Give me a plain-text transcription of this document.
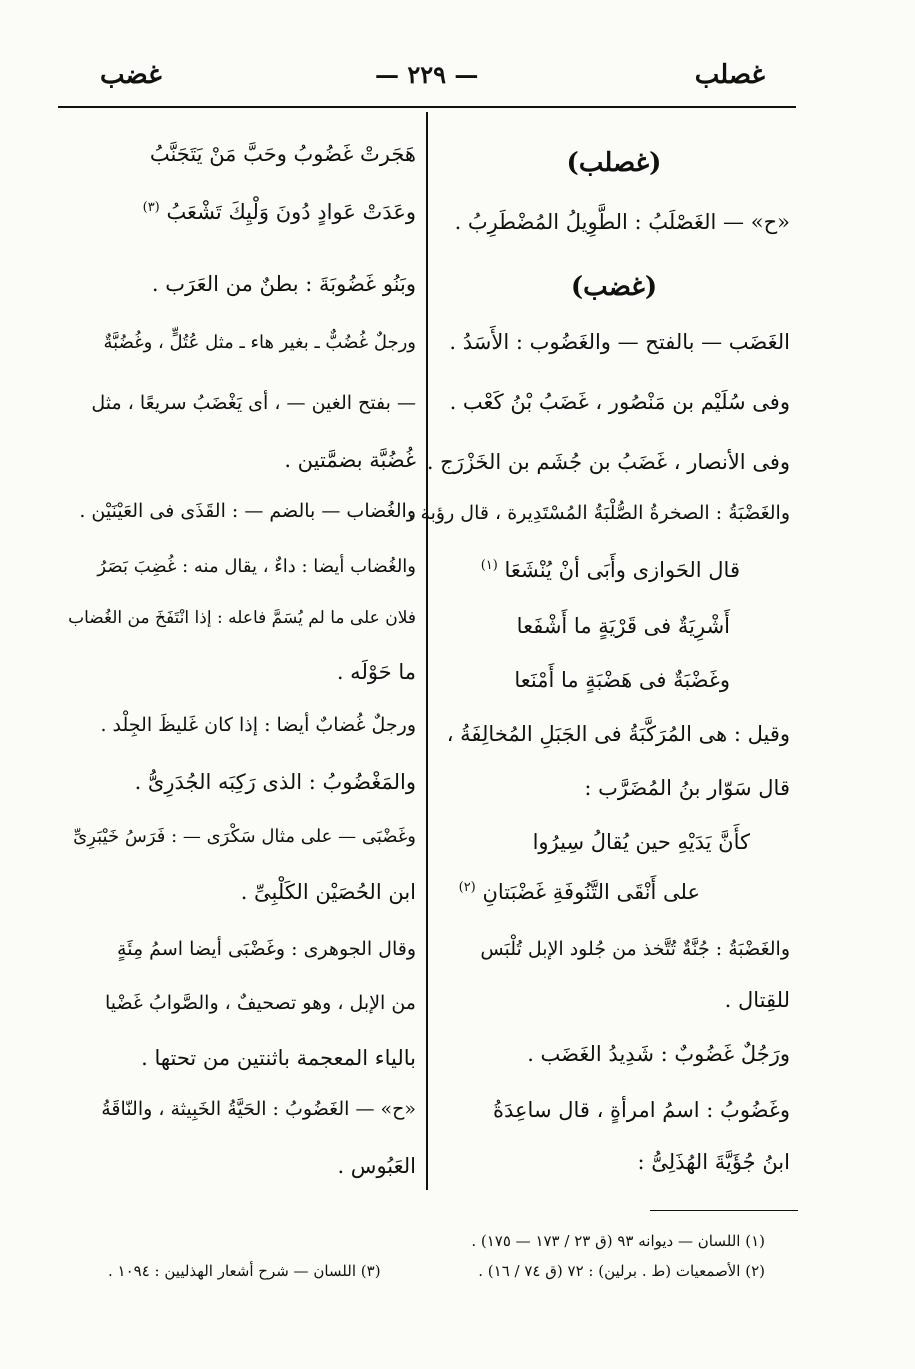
غصلب
— ٢٢٩ —
غضب
(غصلب)
«ح» — الغَصْلَبُ : الطَّوِيلُ المُضْطَرِبُ .
(غضب)
الغَضَب — بالفتح — والغَضُوب : الأَسَدُ .
وفى سُلَيْم بن مَنْصُور ، غَضَبُ بْنُ كَعْب .
وفى الأنصار ، غَضَبُ بن جُشَم بن الخَزْرَج .
والغَضْبَةُ : الصخرةُ الصُّلْبَةُ المُسْتَدِيرة ، قال رؤبة :
قال الحَوازى وأَبَى أنْ يُنْشَعَا $^{(١)}$
أَشْرِيَةٌ فى قَرْيَةٍ ما أَشْفَعا
وغَضْبَةٌ فى هَضْبَةٍ ما أَمْنَعا
وقيل : هى المُرَكَّبَةُ فى الجَبَلِ المُخالِفَةُ ،
قال سَوّار بنُ المُضَرَّب :
كأَنَّ يَدَيْهِ حين يُقالُ سِيرُوا
على أَنْقَى التَّنُوفَةِ غَضْبَتانِ $^{(٢)}$
والغَضْبَةُ : جُنَّةٌ تُتَّخذ من جُلود الإبل تُلْبَس
للقِتال .
ورَجُلٌ غَضُوبٌ : شَدِيدُ الغَضَب .
وغَضُوبُ : اسمُ امرأةٍ ، قال ساعِدَةُ
ابنُ جُؤَيَّةَ الهُذَلِىُّ :
هَجَرتْ غَضُوبُ وحَبَّ مَنْ يَتَجَنَّبُ
وعَدَتْ عَوادٍ دُونَ وَلْيِكَ تَشْعَبُ $^{(٣)}$
وبَنُو غَضُوبَةَ : بطنٌ من العَرَب .
ورجلٌ غُضُبٌّ ـ بغير هاء ـ مثل عُتُلٍّ ، وغُضُبَّةٌ
— بفتح الغين — ، أى يَغْضَبُ سريعًا ، مثل
غُضُبَّة بضمَّتين .
والغُضاب — بالضم — : القَذَى فى العَيْنَيْن .
والغُضاب أيضا : داءٌ ، يقال منه : غُضِبَ بَصَرُ
فلان على ما لم يُسَمَّ فاعله : إذا انْتَفَخَ من الغُضاب
ما حَوْلَه .
ورجلٌ غُضابٌ أيضا : إذا كان غَليظَ الجِلْد .
والمَغْضُوبُ : الذى رَكِبَه الجُدَرِىُّ .
وغَضْبَى — على مثال سَكْرَى — : فَرَسُ خَيْبَرِىِّ
ابن الحُصَيْن الكَلْبِىِّ .
وقال الجوهرى : وغَضْبَى أيضا اسمُ مِئَةٍ
من الإبل ، وهو تصحيفٌ ، والصَّوابُ غَضْيا
بالياء المعجمة باثنتين من تحتها .
«ح» — الغَضُوبُ : الحَيَّةُ الخَبِيثة ، والنّاقَةُ
العَبُوس .
(١) اللسان — ديوانه ٩٣ (ق ٢٣ / ١٧٣ — ١٧٥) .
(٢) الأصمعيات (ط . برلين) : ٧٢ (ق ٧٤ / ١٦) .
(٣) اللسان — شرح أشعار الهذليين : ١٠٩٤ .
